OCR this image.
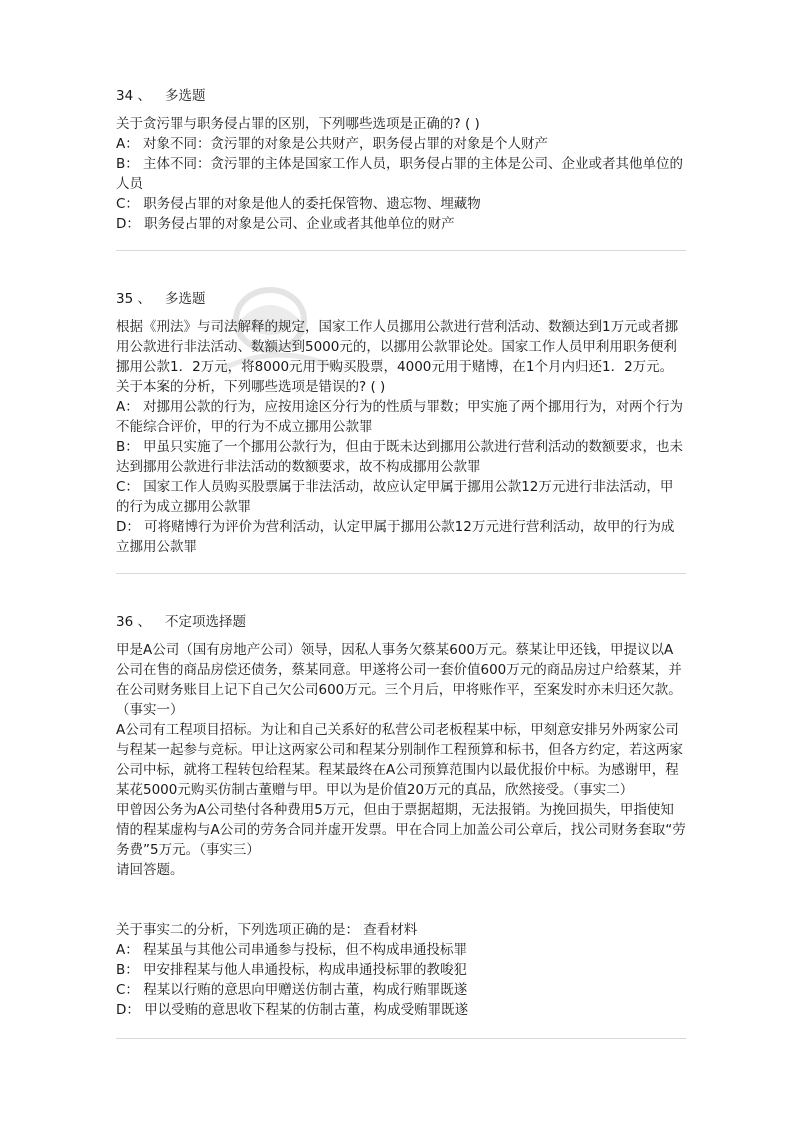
34 、 多选题
关于贪污罪与职务侵占罪的区别，下列哪些选项是正确的? ( )
A： 对象不同：贪污罪的对象是公共财产，职务侵占罪的对象是个人财产
B： 主体不同：贪污罪的主体是国家工作人员，职务侵占罪的主体是公司、企业或者其他单位的人员
C： 职务侵占罪的对象是他人的委托保管物、遗忘物、埋藏物
D： 职务侵占罪的对象是公司、企业或者其他单位的财产
35 、 多选题
根据《刑法》与司法解释的规定，国家工作人员挪用公款进行营利活动、数额达到1万元或者挪用公款进行非法活动、数额达到5000元的，以挪用公款罪论处。国家工作人员甲利用职务便利挪用公款1．2万元，将8000元用于购买股票，4000元用于赌博，在1个月内归还1．2万元。关于本案的分析，下列哪些选项是错误的? ( )
A： 对挪用公款的行为，应按用途区分行为的性质与罪数；甲实施了两个挪用行为，对两个行为不能综合评价，甲的行为不成立挪用公款罪
B： 甲虽只实施了一个挪用公款行为，但由于既未达到挪用公款进行营利活动的数额要求，也未达到挪用公款进行非法活动的数额要求，故不构成挪用公款罪
C： 国家工作人员购买股票属于非法活动，故应认定甲属于挪用公款12万元进行非法活动，甲的行为成立挪用公款罪
D： 可将赌博行为评价为营利活动，认定甲属于挪用公款12万元进行营利活动，故甲的行为成立挪用公款罪
36 、 不定项选择题
甲是A公司（国有房地产公司）领导，因私人事务欠蔡某600万元。蔡某让甲还钱，甲提议以A公司在售的商品房偿还债务，蔡某同意。甲遂将公司一套价值600万元的商品房过户给蔡某，并在公司财务账目上记下自己欠公司600万元。三个月后，甲将账作平，至案发时亦未归还欠款。（事实一）
A公司有工程项目招标。为让和自己关系好的私营公司老板程某中标，甲刻意安排另外两家公司与程某一起参与竞标。甲让这两家公司和程某分别制作工程预算和标书，但各方约定，若这两家公司中标，就将工程转包给程某。程某最终在A公司预算范围内以最优报价中标。为感谢甲，程某花5000元购买仿制古董赠与甲。甲以为是价值20万元的真品，欣然接受。（事实二）
甲曾因公务为A公司垫付各种费用5万元，但由于票据超期，无法报销。为挽回损失，甲指使知情的程某虚构与A公司的劳务合同并虚开发票。甲在合同上加盖公司公章后，找公司财务套取“劳务费”5万元。（事实三）
请回答题。
关于事实二的分析，下列选项正确的是： 查看材料
A： 程某虽与其他公司串通参与投标，但不构成串通投标罪
B： 甲安排程某与他人串通投标，构成串通投标罪的教唆犯
C： 程某以行贿的意思向甲赠送仿制古董，构成行贿罪既遂
D： 甲以受贿的意思收下程某的仿制古董，构成受贿罪既遂
